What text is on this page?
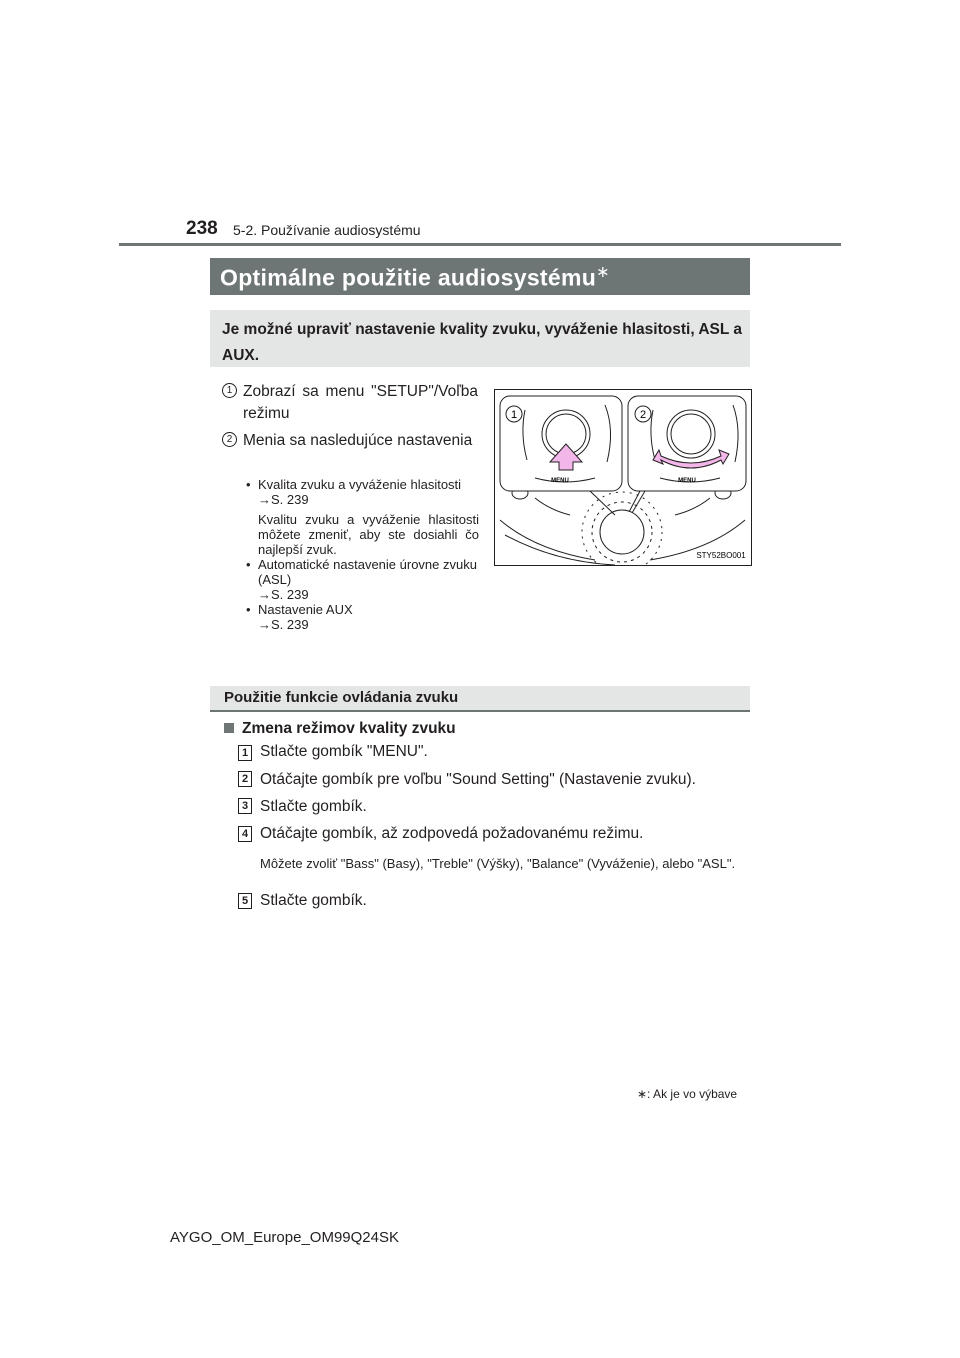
238 5-2. Používanie audiosystému
Optimálne použitie audiosystému∗
Je možné upraviť nastavenie kvality zvuku, vyváženie hlasitosti, ASL a AUX.
1 Zobrazí sa menu "SETUP"/Voľba režimu
2 Menia sa nasledujúce nastavenia

• Kvalita zvuku a vyváženie hlasitosti

→S. 239

Kvalitu zvuku a vyváženie hlasitosti môžete zmeniť, aby ste dosiahli čo najlepší zvuk.

• Automatické nastavenie úrovne zvuku (ASL)

→S. 239

• Nastavenie AUX

→S. 239

1	2
MENU	MENU
STY52BO001
Použitie funkcie ovládania zvuku
Zmena režimov kvality zvuku
1 Stlačte gombík "MENU".
2 Otáčajte gombík pre voľbu "Sound Setting" (Nastavenie zvuku).
3 Stlačte gombík.
4 Otáčajte gombík, až zodpovedá požadovanému režimu.
Môžete zvoliť "Bass" (Basy), "Treble" (Výšky), "Balance" (Vyváženie), alebo "ASL".
5 Stlačte gombík.
∗: Ak je vo výbave
AYGO_OM_Europe_OM99Q24SK
